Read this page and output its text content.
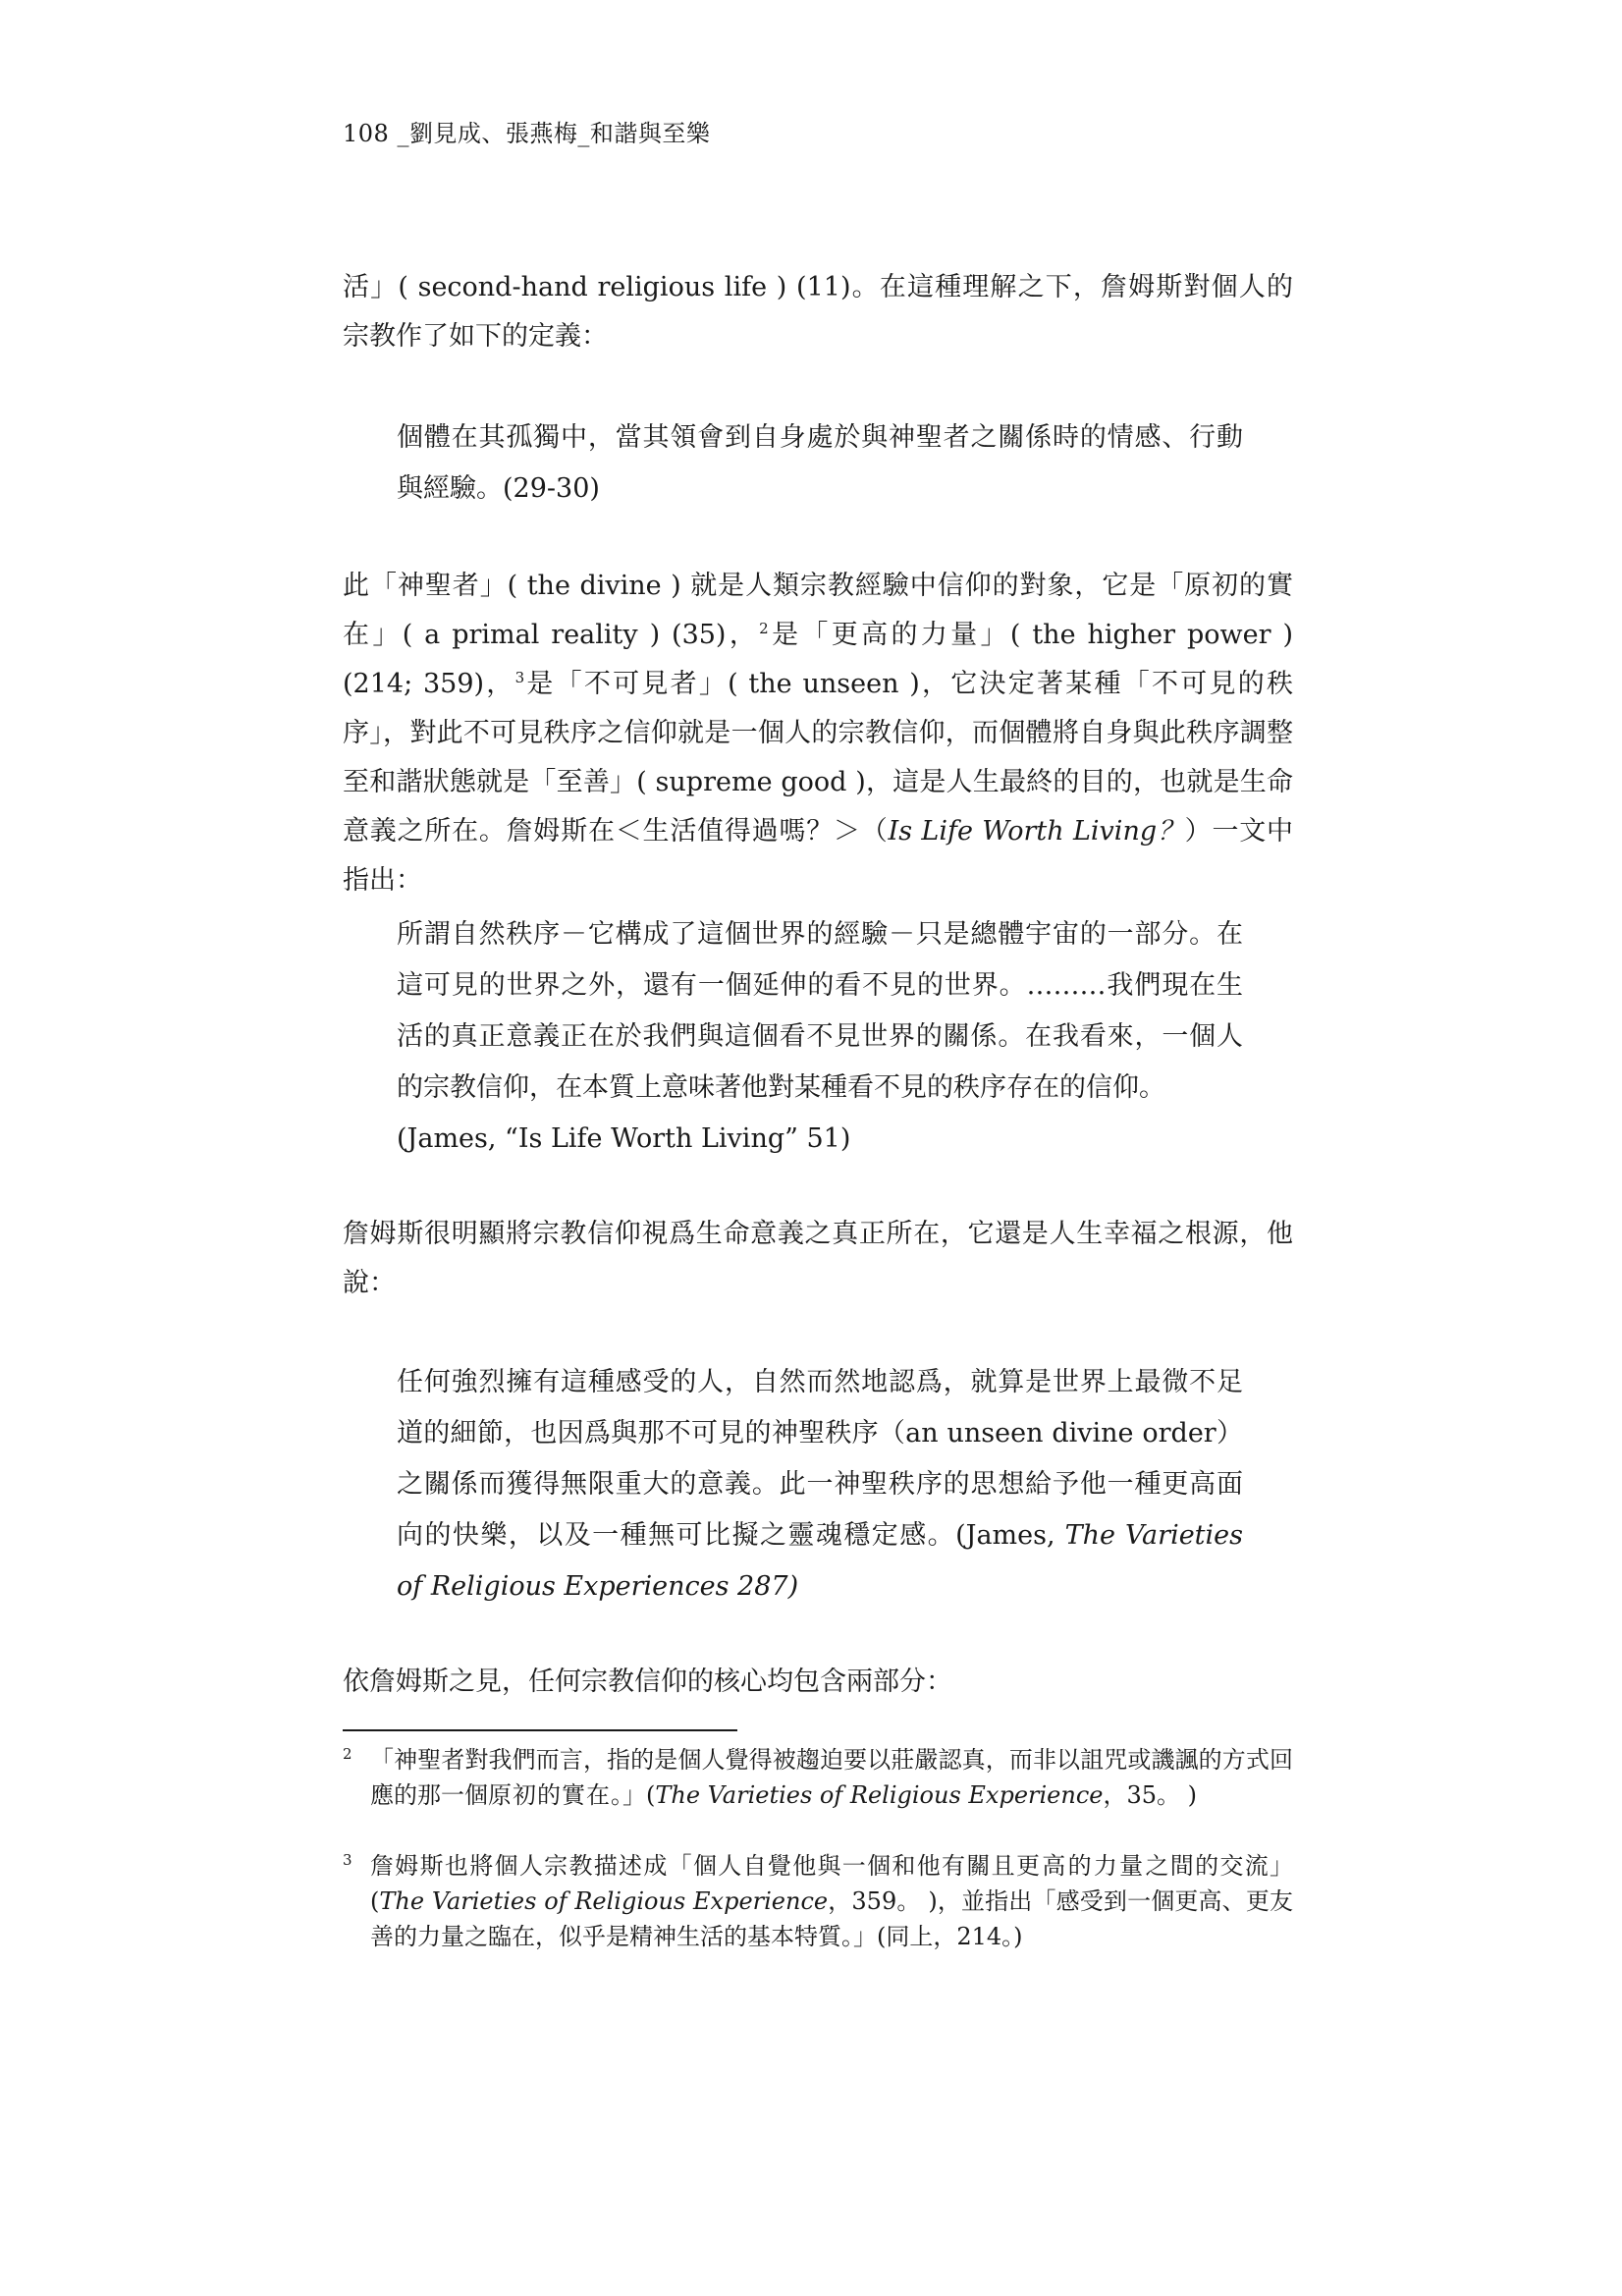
108 _劉見成、張燕梅_和諧與至樂

活」( second-hand religious life ) (11)。在這種理解之下，詹姆斯對個人的宗教作了如下的定義：

個體在其孤獨中，當其領會到自身處於與神聖者之關係時的情感、行動與經驗。(29-30)

此「神聖者」( the divine ) 就是人類宗教經驗中信仰的對象，它是「原初的實在」( a primal reality ) (35)，$^2$是「更高的力量」( the higher power ) (214; 359)，$^3$是「不可見者」( the unseen )，它決定著某種「不可見的秩序」，對此不可見秩序之信仰就是一個人的宗教信仰，而個體將自身與此秩序調整至和諧狀態就是「至善」( supreme good )，這是人生最終的目的，也就是生命意義之所在。詹姆斯在＜生活值得過嗎？＞（Is Life Worth Living？）一文中指出：

所謂自然秩序－它構成了這個世界的經驗－只是總體宇宙的一部分。在這可見的世界之外，還有一個延伸的看不見的世界。………我們現在生活的真正意義正在於我們與這個看不見世界的關係。在我看來，一個人的宗教信仰，在本質上意味著他對某種看不見的秩序存在的信仰。
(James, “Is Life Worth Living” 51)

詹姆斯很明顯將宗教信仰視爲生命意義之真正所在，它還是人生幸福之根源，他說：

任何強烈擁有這種感受的人，自然而然地認爲，就算是世界上最微不足道的細節，也因爲與那不可見的神聖秩序（an unseen divine order）之關係而獲得無限重大的意義。此一神聖秩序的思想給予他一種更高面向的快樂，以及一種無可比擬之靈魂穩定感。(James, The Varieties of Religious Experiences 287)

依詹姆斯之見，任何宗教信仰的核心均包含兩部分：

2 「神聖者對我們而言，指的是個人覺得被趨迫要以莊嚴認真，而非以詛咒或譏諷的方式回應的那一個原初的實在。」(The Varieties of Religious Experience，35。 )
3 詹姆斯也將個人宗教描述成「個人自覺他與一個和他有關且更高的力量之間的交流」(The Varieties of Religious Experience，359。 )，並指出「感受到一個更高、更友善的力量之臨在，似乎是精神生活的基本特質。」(同上，214。)
